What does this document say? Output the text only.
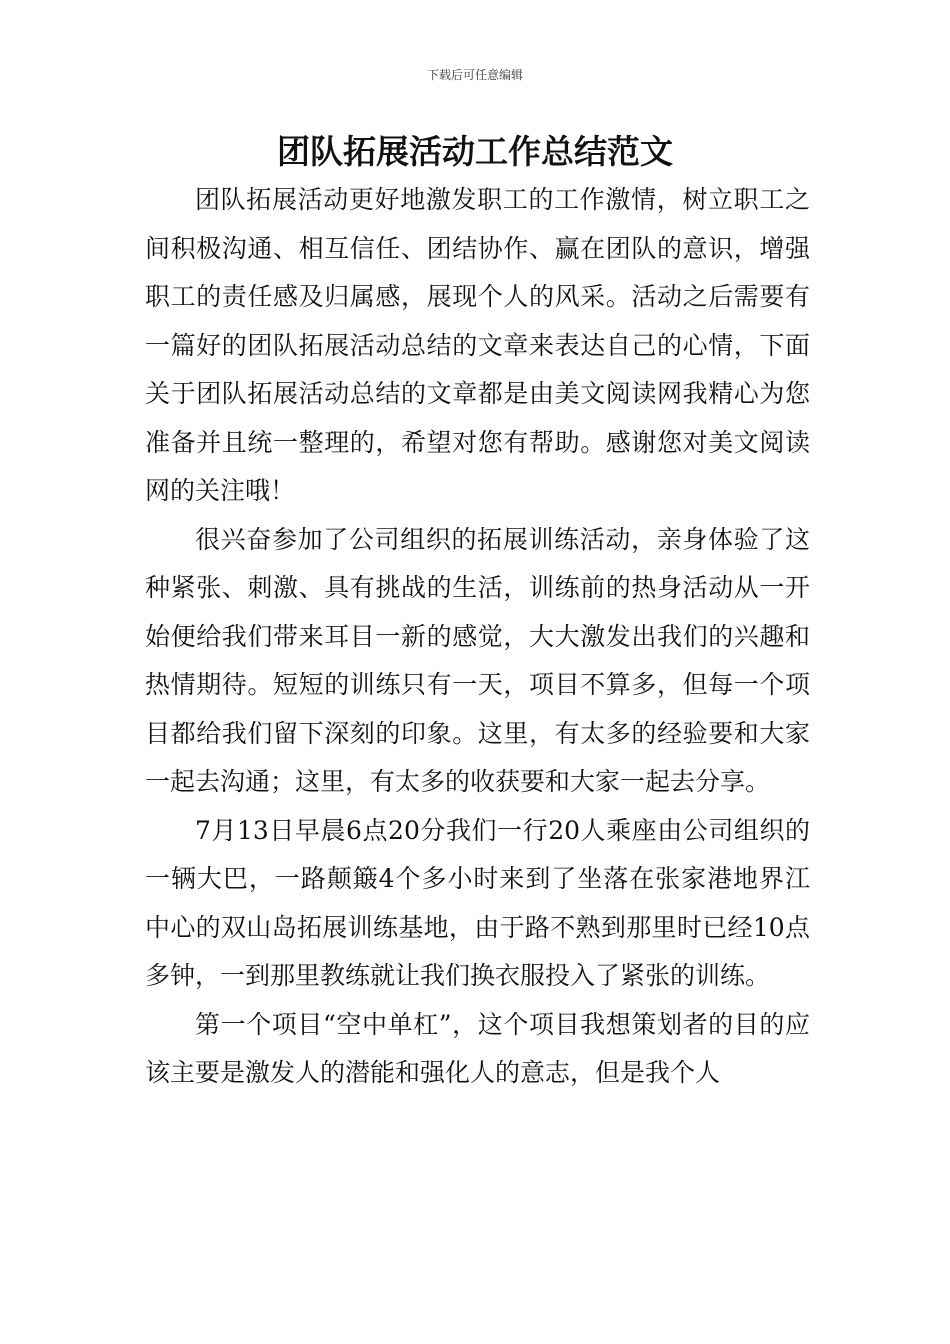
下载后可任意编辑
团队拓展活动工作总结范文

团队拓展活动更好地激发职工的工作激情，树立职工之间积极沟通、相互信任、团结协作、赢在团队的意识，增强职工的责任感及归属感，展现个人的风采。活动之后需要有一篇好的团队拓展活动总结的文章来表达自己的心情，下面关于团队拓展活动总结的文章都是由美文阅读网我精心为您准备并且统一整理的，希望对您有帮助。感谢您对美文阅读网的关注哦！

很兴奋参加了公司组织的拓展训练活动，亲身体验了这种紧张、刺激、具有挑战的生活，训练前的热身活动从一开始便给我们带来耳目一新的感觉，大大激发出我们的兴趣和热情期待。短短的训练只有一天，项目不算多，但每一个项目都给我们留下深刻的印象。这里，有太多的经验要和大家一起去沟通；这里，有太多的收获要和大家一起去分享。

7月13日早晨6点20分我们一行20人乘座由公司组织的一辆大巴，一路颠簸4个多小时来到了坐落在张家港地界江中心的双山岛拓展训练基地，由于路不熟到那里时已经10点多钟，一到那里教练就让我们换衣服投入了紧张的训练。

第一个项目“空中单杠”，这个项目我想策划者的目的应该主要是激发人的潜能和强化人的意志，但是我个人
